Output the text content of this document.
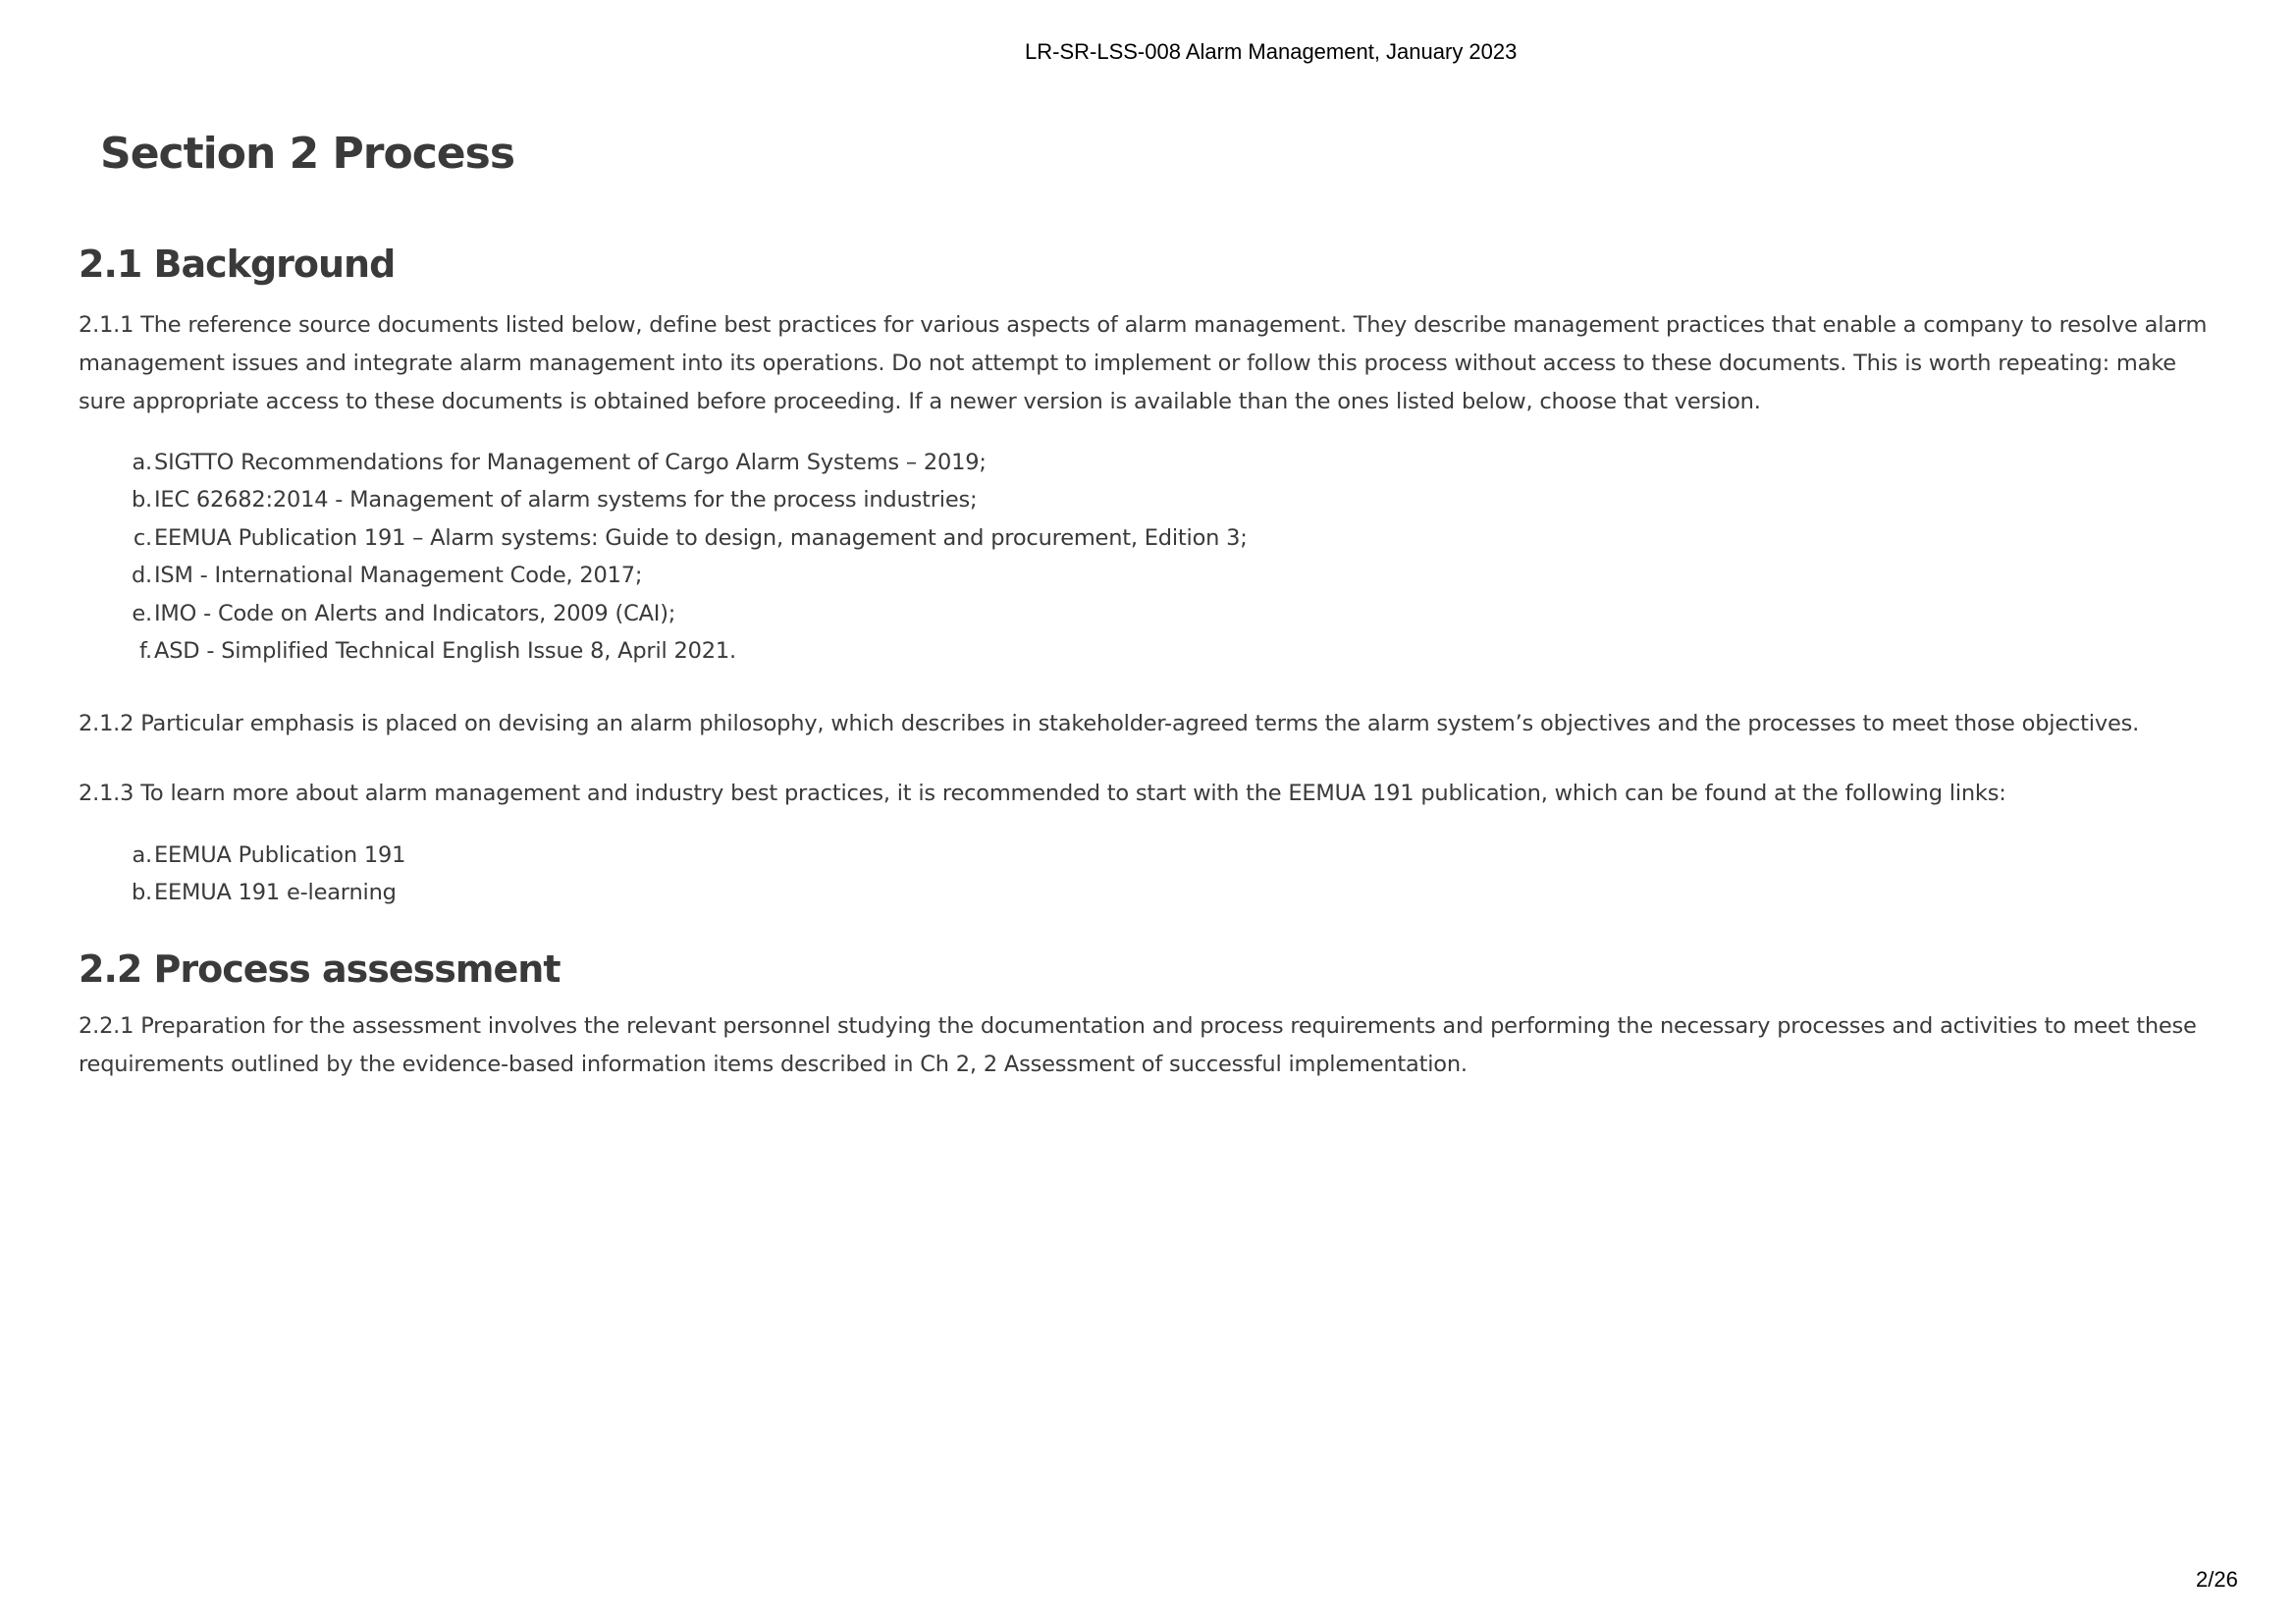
LR-SR-LSS-008 Alarm Management, January 2023
Section 2 Process
2.1 Background

2.1.1 The reference source documents listed below, define best practices for various aspects of alarm management. They describe management practices that enable a company to resolve alarm management issues and integrate alarm management into its operations. Do not attempt to implement or follow this process without access to these documents. This is worth repeating: make sure appropriate access to these documents is obtained before proceeding. If a newer version is available than the ones listed below, choose that version.

a.SIGTTO Recommendations for Management of Cargo Alarm Systems – 2019;
b.IEC 62682:2014 - Management of alarm systems for the process industries;
c.EEMUA Publication 191 – Alarm systems: Guide to design, management and procurement, Edition 3;
d.ISM - International Management Code, 2017;
e.IMO - Code on Alerts and Indicators, 2009 (CAI);
f.ASD - Simplified Technical English Issue 8, April 2021.

2.1.2 Particular emphasis is placed on devising an alarm philosophy, which describes in stakeholder-agreed terms the alarm system’s objectives and the processes to meet those objectives.

2.1.3 To learn more about alarm management and industry best practices, it is recommended to start with the EEMUA 191 publication, which can be found at the following links:

a.EEMUA Publication 191
b.EEMUA 191 e-learning
2.2 Process assessment

2.2.1 Preparation for the assessment involves the relevant personnel studying the documentation and process requirements and performing the necessary processes and activities to meet these requirements outlined by the evidence-based information items described in Ch 2, 2 Assessment of successful implementation.

2/26
